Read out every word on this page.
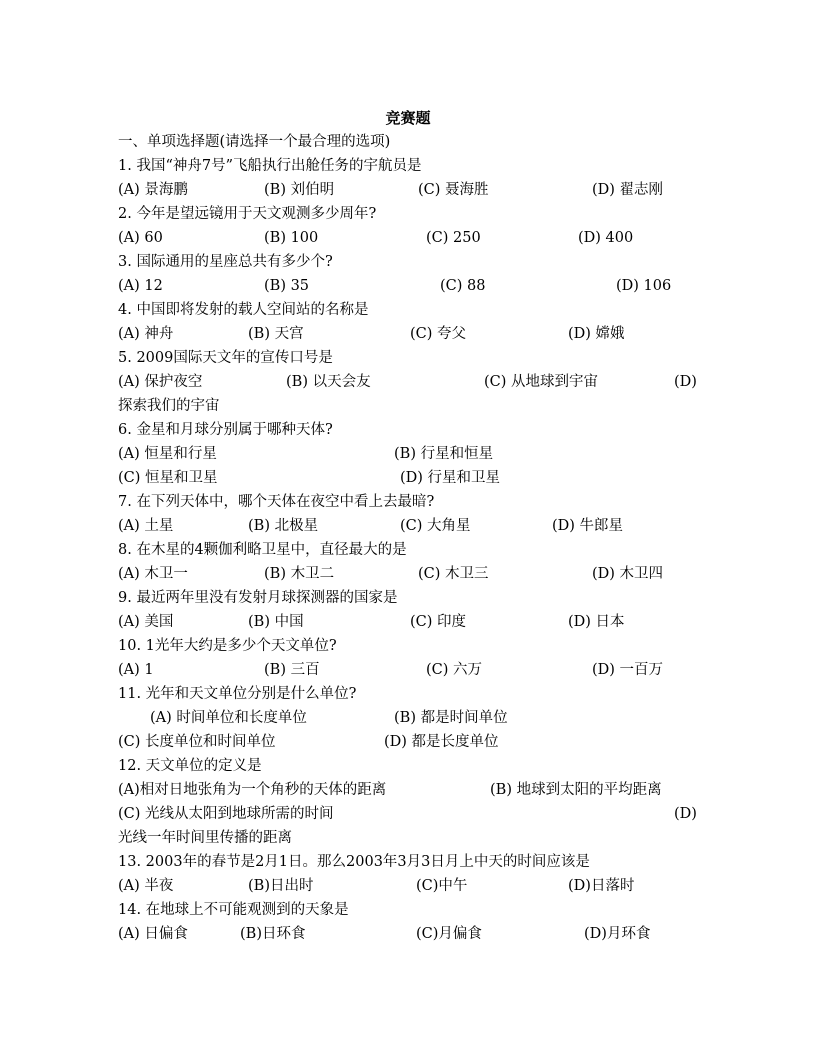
竞赛题
一、单项选择题(请选择一个最合理的选项)
1. 我国“神舟7号”飞船执行出舱任务的宇航员是
(A) 景海鹏	(B) 刘伯明	(C) 聂海胜	(D) 翟志刚
2. 今年是望远镜用于天文观测多少周年?
(A) 60	(B) 100	(C) 250	(D) 400
3. 国际通用的星座总共有多少个?
(A) 12	(B) 35	(C) 88	(D) 106
4. 中国即将发射的载人空间站的名称是
(A) 神舟	(B) 天宫	(C) 夸父	(D) 嫦娥
5. 2009国际天文年的宣传口号是
(A) 保护夜空	(B) 以天会友	(C) 从地球到宇宙	(D)
探索我们的宇宙
6. 金星和月球分别属于哪种天体?
(A) 恒星和行星	(B) 行星和恒星
(C) 恒星和卫星	(D) 行星和卫星
7. 在下列天体中，哪个天体在夜空中看上去最暗?
(A) 土星	(B) 北极星	(C) 大角星	(D) 牛郎星
8. 在木星的4颗伽利略卫星中，直径最大的是
(A) 木卫一	(B) 木卫二	(C) 木卫三	(D) 木卫四
9. 最近两年里没有发射月球探测器的国家是
(A) 美国	(B) 中国	(C) 印度	(D) 日本
10. 1光年大约是多少个天文单位?
(A) 1	(B) 三百	(C) 六万	(D) 一百万
11. 光年和天文单位分别是什么单位?
(A) 时间单位和长度单位	(B) 都是时间单位
(C) 长度单位和时间单位	(D) 都是长度单位
12. 天文单位的定义是
(A)相对日地张角为一个角秒的天体的距离	(B) 地球到太阳的平均距离
(C) 光线从太阳到地球所需的时间	(D)
光线一年时间里传播的距离
13. 2003年的春节是2月1日。那么2003年3月3日月上中天的时间应该是
(A) 半夜	(B)日出时	(C)中午	(D)日落时
14. 在地球上不可能观测到的天象是
(A) 日偏食	(B)日环食	(C)月偏食	(D)月环食
